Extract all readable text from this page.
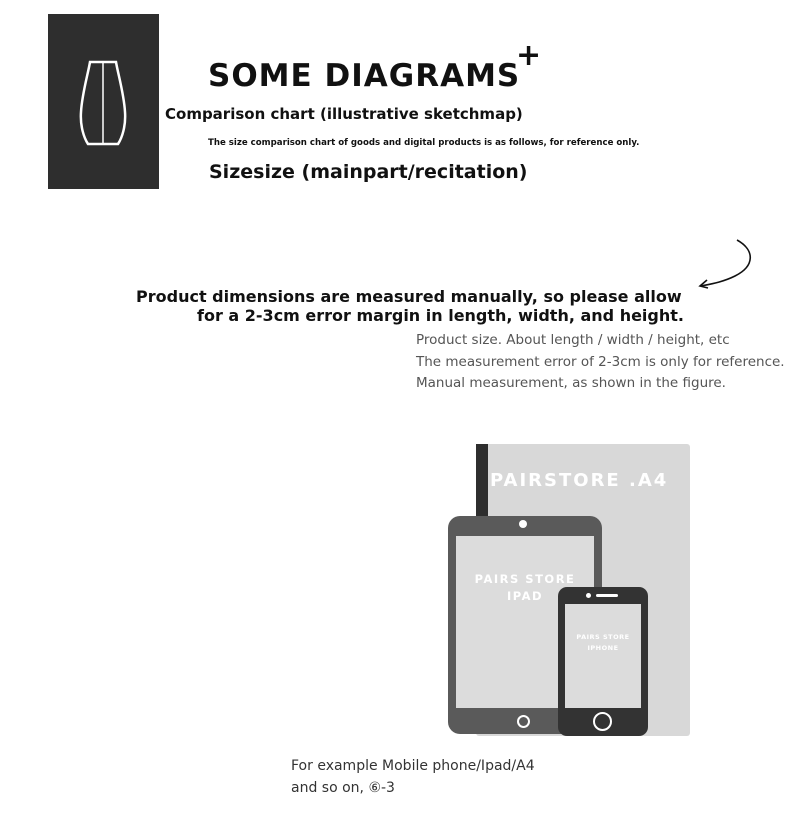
SOME DIAGRAMS
+
Comparison chart (illustrative sketchmap)
The size comparison chart of goods and digital products is as follows, for reference only.
Sizesize (mainpart/recitation)
Product dimensions are measured manually, so please allow
for a 2-3cm error margin in length, width, and height.
Product size. About length / width / height, etc
The measurement error of 2-3cm is only for reference.
Manual measurement, as shown in the figure.
PAIRSTORE .A4
PAIRS STORE
IPAD
PAIRS STORE
IPHONE
For example Mobile phone/Ipad/A4
and so on, ⑥-3
